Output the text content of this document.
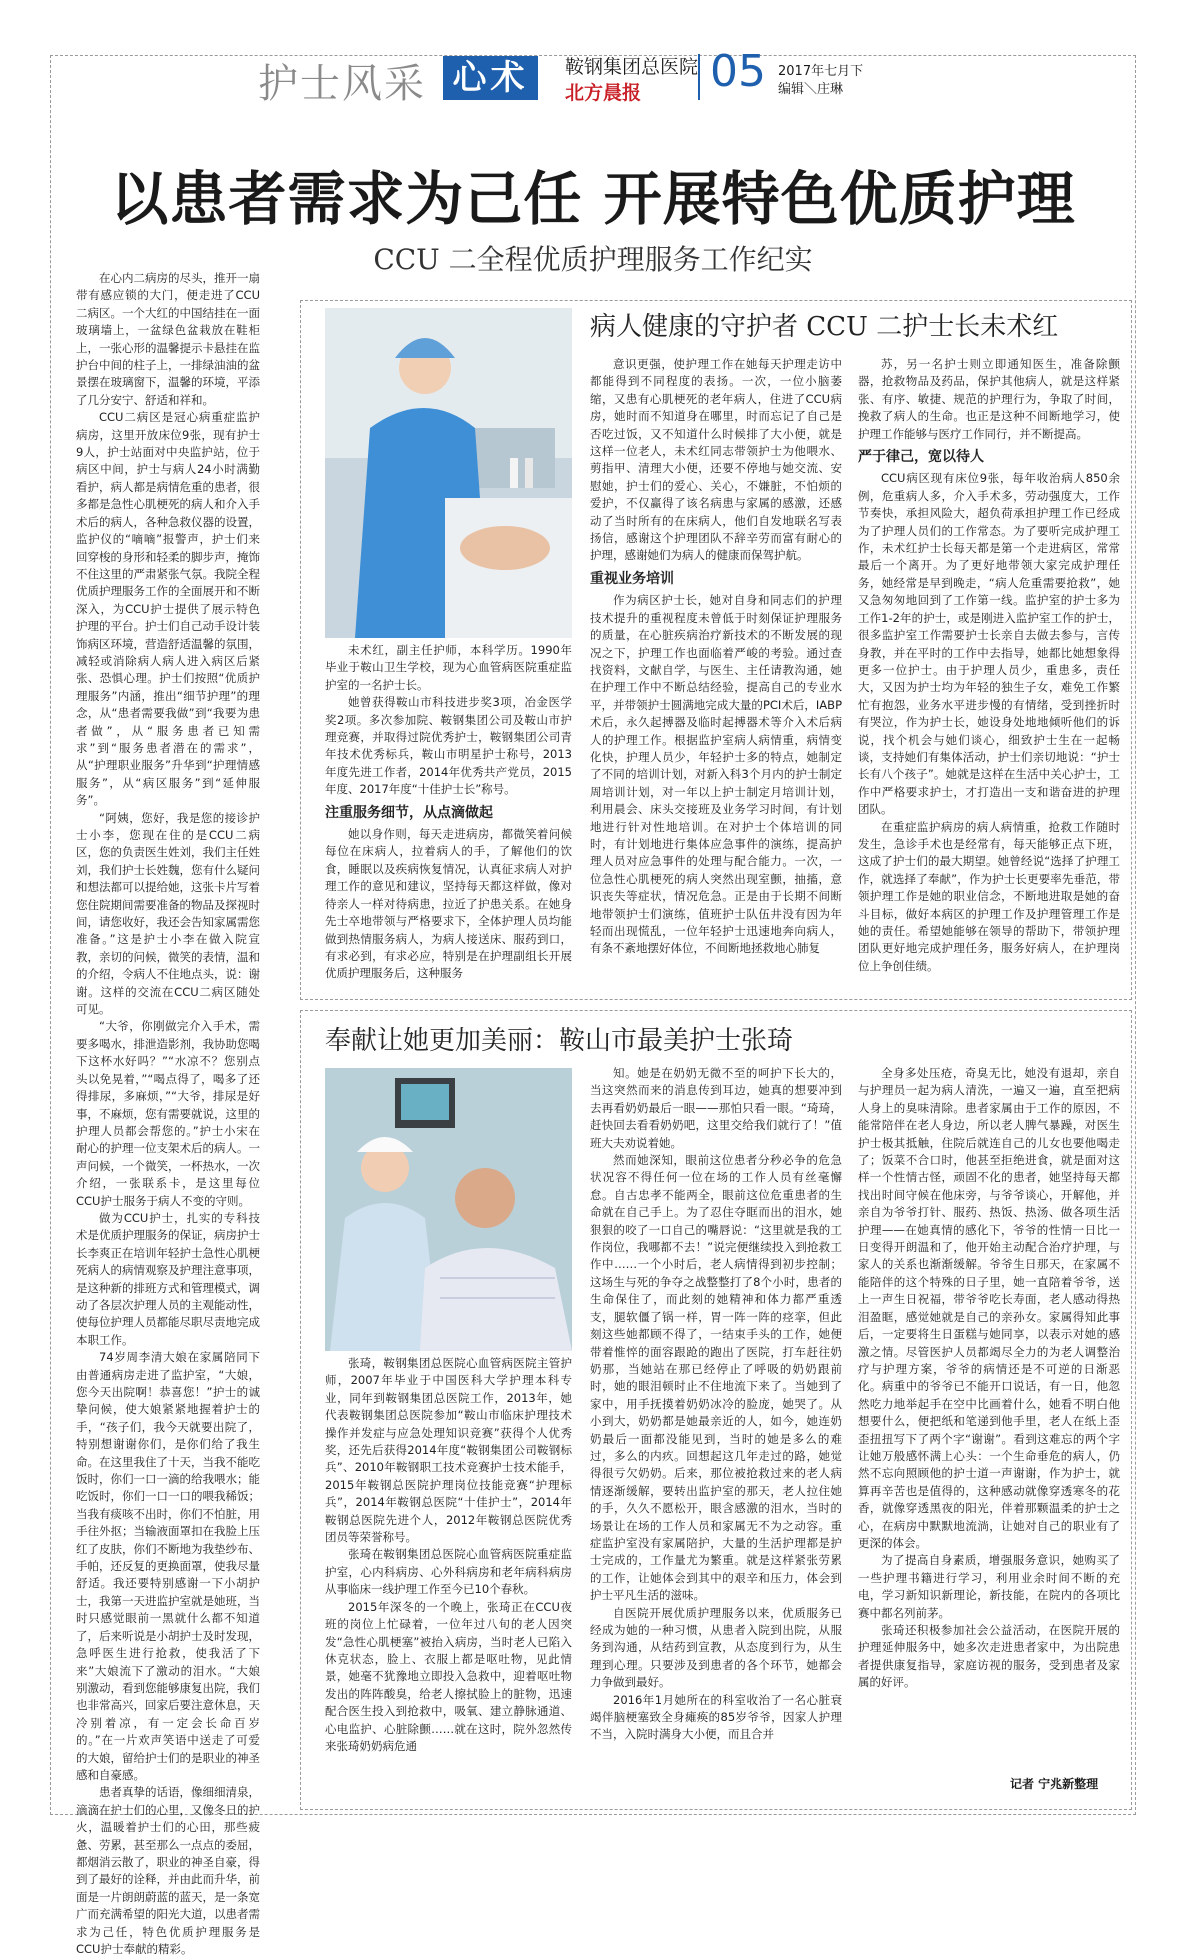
护士风采 心术	鞍钢集团总医院
北方晨报 05 2017年七月下
编辑＼庄琳
以患者需求为己任 开展特色优质护理
CCU 二全程优质护理服务工作纪实

在心内二病房的尽头，推开一扇带有感应锁的大门，便走进了CCU二病区。一个大红的中国结挂在一面玻璃墙上，一盆绿色盆栽放在鞋柜上，一张心形的温馨提示卡悬挂在监护台中间的柱子上，一排绿油油的盆景摆在玻璃窗下，温馨的环境，平添了几分安宁、舒适和祥和。

CCU二病区是冠心病重症监护病房，这里开放床位9张，现有护士9人，护士站面对中央监护站，位于病区中间，护士与病人24小时满勤看护，病人都是病情危重的患者，很多都是急性心肌梗死的病人和介入手术后的病人，各种急救仪器的设置，监护仪的“嘀嘀”报警声，护士们来回穿梭的身形和轻柔的脚步声，掩饰不住这里的严肃紧张气氛。我院全程优质护理服务工作的全面展开和不断深入，为CCU护士提供了展示特色护理的平台。护士们自己动手设计装饰病区环境，营造舒适温馨的氛围，减轻或消除病人病人进入病区后紧张、恐惧心理。护士们按照“优质护理服务”内涵，推出“细节护理”的理念，从“患者需要我做”到“我要为患者做”，从“服务患者已知需求”到“服务患者潜在的需求”，从“护理职业服务”升华到“护理情感服务”，从“病区服务”到“延伸服务”。

“阿姨，您好，我是您的接诊护士小李，您现在住的是CCU二病区，您的负责医生姓刘，我们主任姓刘，我们护士长姓魏，您有什么疑问和想法都可以提给她，这张卡片写着您住院期间需要准备的物品及探视时间，请您收好，我还会告知家属需您准备。”这是护士小李在做入院宣教，亲切的问候，微笑的表情，温和的介绍，令病人不住地点头，说：谢谢。这样的交流在CCU二病区随处可见。

“大爷，你刚做完介入手术，需要多喝水，排泄造影剂，我协助您喝下这杯水好吗？”“水凉不？您别点头以免晃着，”“喝点得了，喝多了还得排尿，多麻烦，”“大爷，排尿是好事，不麻烦，您有需要就说，这里的护理人员都会帮您的。”护士小宋在耐心的护理一位支架术后的病人。一声问候，一个微笑，一杯热水，一次介绍，一张联系卡，是这里每位CCU护士服务于病人不变的守则。

做为CCU护士，扎实的专科技术是优质护理服务的保证，病房护士长李爽正在培训年轻护士急性心肌梗死病人的病情观察及护理注意事项，是这种新的排班方式和管理模式，调动了各层次护理人员的主观能动性，使每位护理人员都能尽职尽责地完成本职工作。

74岁周李清大娘在家属陪同下由普通病房走进了监护室，“大娘，您今天出院啊！恭喜您！”护士的诚挚问候，使大娘紧紧地握着护士的手，“孩子们，我今天就要出院了，特别想谢谢你们，是你们给了我生命。在这里我住了十天，当我不能吃饭时，你们一口一滴的给我喂水；能吃饭时，你们一口一口的喂我稀饭；当我有痰咳不出时，你们不怕脏，用手往外抠；当输液面罩扣在我脸上压红了皮肤，你们不断地为我垫纱布、手帕，还反复的更换面罩，使我尽量舒适。我还要特别感谢一下小胡护士，我第一天进监护室就是她班，当时只感觉眼前一黑就什么都不知道了，后来听说是小胡护士及时发现，急呼医生进行抢救，使我活了下来”大娘流下了激动的泪水。“大娘别激动，看到您能够康复出院，我们也非常高兴，回家后要注意休息，天冷别着凉，有一定会长命百岁的。”在一片欢声笑语中送走了可爱的大娘，留给护士们的是职业的神圣感和自豪感。

患者真挚的话语，像细细清泉，滴滴在护士们的心里，又像冬日的护火，温暖着护士们的心田，那些疲惫、劳累，甚至那么一点点的委屈，都烟消云散了，职业的神圣自豪，得到了最好的诠释，并由此而升华，前面是一片朗朗蔚蓝的蓝天，是一条宽广而充满希望的阳光大道，以患者需求为己任，特色优质护理服务是CCU护士奉献的精彩。

病人健康的守护者 CCU 二护士长未术红

未术红，副主任护师，本科学历。1990年毕业于鞍山卫生学校，现为心血管病医院重症监护室的一名护士长。

她曾获得鞍山市科技进步奖3项，冶金医学奖2项。多次参加院、鞍钢集团公司及鞍山市护理竞赛，并取得过院优秀护士，鞍钢集团公司青年技术优秀标兵，鞍山市明星护士称号，2013年度先进工作者，2014年优秀共产党员，2015年度、2017年度“十佳护士长”称号。

注重服务细节，从点滴做起

她以身作则，每天走进病房，都微笑着问候每位在床病人，拉着病人的手，了解他们的饮食，睡眠以及疾病恢复情况，认真征求病人对护理工作的意见和建议，坚持每天都这样做，像对待亲人一样对待病患，拉近了护患关系。在她身先士卒地带领与严格要求下，全体护理人员均能做到热情服务病人，为病人接送床、服药到口，有求必到，有求必应，特别是在护理副组长开展优质护理服务后，这种服务

意识更强，使护理工作在她每天护理走访中都能得到不同程度的表扬。一次，一位小脑萎缩，又患有心肌梗死的老年病人，住进了CCU病房，她时而不知道身在哪里，时而忘记了自己是否吃过饭，又不知道什么时候排了大小便，就是这样一位老人，未术红同志带领护士为他喂水、剪指甲、清理大小便，还要不停地与她交流、安慰她，护士们的爱心、关心，不嫌脏，不怕烦的爱护，不仅赢得了该名病患与家属的感激，还感动了当时所有的在床病人，他们自发地联名写表扬信，感谢这个护理团队不辞辛劳而富有耐心的护理，感谢她们为病人的健康而保驾护航。

重视业务培训

作为病区护士长，她对自身和同志们的护理技术提升的重视程度未曾低于时刻保证护理服务的质量，在心脏疾病治疗新技术的不断发展的现况之下，护理工作也面临着严峻的考验。通过查找资料，文献自学，与医生、主任请教沟通，她在护理工作中不断总结经验，提高自己的专业水平，并带领护士圆满地完成大量的PCI术后，IABP术后，永久起搏器及临时起搏器术等介入术后病人的护理工作。根据监护室病人病情重，病情变化快，护理人员少，年轻护士多的特点，她制定了不同的培训计划，对新入科3个月内的护士制定周培训计划，对一年以上护士制定月培训计划，利用晨会、床头交接班及业务学习时间，有计划地进行针对性地培训。在对护士个体培训的同时，有计划地进行集体应急事件的演练，提高护理人员对应急事件的处理与配合能力。一次，一位急性心肌梗死的病人突然出现室颤，抽搐，意识丧失等症状，情况危急。正是由于长期不间断地带领护士们演练，值班护士队伍井没有因为年轻而出现慌乱，一位年轻护士迅速地奔向病人，有条不紊地摆好体位，不间断地拯救地心肺复

苏，另一名护士则立即通知医生，准备除颤器，抢救物品及药品，保护其他病人，就是这样紧张、有序、敏捷、规范的护理行为，争取了时间，挽救了病人的生命。也正是这种不间断地学习，使护理工作能够与医疗工作同行，并不断提高。

严于律己，宽以待人

CCU病区现有床位9张，每年收治病人850余例，危重病人多，介入手术多，劳动强度大，工作节奏快，承担风险大，超负荷承担护理工作已经成为了护理人员们的工作常态。为了要听完成护理工作，未术红护士长每天都是第一个走进病区，常常最后一个离开。为了更好地带领大家完成护理任务，她经常是早到晚走，“病人危重需要抢救”，她又急匆匆地回到了工作第一线。监护室的护士多为工作1-2年的护士，或是刚进入监护室工作的护士，很多监护室工作需要护士长亲自去做去参与，言传身教，并在平时的工作中去指导，她都比她想象得更多一位护士。由于护理人员少，重患多，责任大，又因为护士均为年轻的独生子女，难免工作繁忙有抱怨，业务水平进步慢的有情绪，受到挫折时有哭泣，作为护士长，她设身处地地倾听他们的诉说，找个机会与她们谈心，细致护士生在一起畅谈，支持她们有集体活动，护士们亲切地说：“护士长有八个孩子”。她就是这样在生活中关心护士，工作中严格要求护士，才打造出一支和谐奋进的护理团队。

在重症监护病房的病人病情重，抢救工作随时发生，急诊手术也是经常有，每天能够正点下班，这成了护士们的最大期望。她曾经说“选择了护理工作，就选择了奉献”，作为护士长更要率先垂范，带领护理工作是她的职业信念，不断地进取是她的奋斗目标，做好本病区的护理工作及护理管理工作是她的责任。希望她能够在领导的帮助下，带领护理团队更好地完成护理任务，服务好病人，在护理岗位上争创佳绩。

奉献让她更加美丽：鞍山市最美护士张琦

张琦，鞍钢集团总医院心血管病医院主管护师，2007年毕业于中国医科大学护理本科专业，同年到鞍钢集团总医院工作，2013年，她代表鞍钢集团总医院参加“鞍山市临床护理技术操作并发症与应急处理知识竞赛”获得个人优秀奖，还先后获得2014年度“鞍钢集团公司鞍钢标兵”、2010年鞍钢职工技术竞赛护士技术能手，2015年鞍钢总医院护理岗位技能竞赛“护理标兵”，2014年鞍钢总医院“十佳护士”，2014年鞍钢总医院先进个人，2012年鞍钢总医院优秀团员等荣誉称号。

张琦在鞍钢集团总医院心血管病医院重症监护室，心内科病房、心外科病房和老年病科病房从事临床一线护理工作至今已10个春秋。

2015年深冬的一个晚上，张琦正在CCU夜班的岗位上忙碌着，一位年过八旬的老人因突发“急性心肌梗塞”被抬入病房，当时老人已陷入休克状态，脸上、衣服上都是呕吐物，见此情景，她毫不犹豫地立即投入急救中，迎着呕吐物发出的阵阵酸臭，给老人擦拭脸上的脏物，迅速配合医生投入到抢救中，吸氧、建立静脉通道、心电监护、心脏除颤……就在这时，院外忽然传来张琦奶奶病危通

知。她是在奶奶无微不至的呵护下长大的，当这突然而来的消息传到耳边，她真的想要冲到去再看奶奶最后一眼——那怕只看一眼。“琦琦，赶快回去看看奶奶吧，这里交给我们就行了！”值班大夫劝说着她。

然而她深知，眼前这位患者分秒必争的危急状况容不得任何一位在场的工作人员有丝毫懈怠。自古忠孝不能两全，眼前这位危重患者的生命就在自己手上。为了忍住夺眶而出的泪水，她狠狠的咬了一口自己的嘴唇说：“这里就是我的工作岗位，我哪都不去！”说完便继续投入到抢救工作中……一个小时后，老人病情得到初步控制；这场生与死的争夺之战整整打了8个小时，患者的生命保住了，而此刻的她精神和体力都严重透支，腿软僵了锅一样，胃一阵一阵的痉挛，但此刻这些她都顾不得了，一结束手头的工作，她便带着惟悴的面容跟跄的跑出了医院，打车赶往奶奶那，当她站在那已经停止了呼吸的奶奶跟前时，她的眼泪顿时止不住地流下来了。当她到了家中，用手抚摸着奶奶冰冷的脸庞，她哭了。从小到大，奶奶都是她最亲近的人，如今，她连奶奶最后一面都没能见到，当时的她是多么的难过，多么的内疚。回想起这几年走过的路，她觉得很亏欠奶奶。后来，那位被抢救过来的老人病情逐渐缓解，要转出监护室的那天，老人拉住她的手，久久不愿松开，眼含感激的泪水，当时的场景让在场的工作人员和家属无不为之动容。重症监护室没有家属陪护，大量的生活护理都是护士完成的，工作量尤为繁重。就是这样紧张劳累的工作，让她体会到其中的艰辛和压力，体会到护士平凡生活的滋味。

自医院开展优质护理服务以来，优质服务已经成为她的一种习惯，从患者入院到出院，从服务到沟通，从结药到宣教，从态度到行为，从生理到心理。只要涉及到患者的各个环节，她都会力争做到最好。

2016年1月她所在的科室收治了一名心脏衰竭伴脑梗塞致全身瘫痪的85岁爷爷，因家人护理不当，入院时满身大小便，而且合并

全身多处压疮，奇臭无比，她没有退却，亲自与护理员一起为病人清洗，一遍又一遍，直至把病人身上的臭味清除。患者家属由于工作的原因，不能常陪伴在老人身边，所以老人脾气暴躁，对医生护士极其抵触，住院后就连自己的儿女也要他喝走了；饭菜不合口时，他甚至拒绝进食，就是面对这样一个性情古怪，顽固不化的患者，她坚持每天都找出时间守候在他床旁，与爷爷谈心，开解他，并亲自为爷爷打针、服药、热饭、热汤、做各项生活护理——在她真情的感化下，爷爷的性情一日比一日变得开朗温和了，他开始主动配合治疗护理，与家人的关系也渐渐缓解。爷爷生日那天，在家属不能陪伴的这个特殊的日子里，她一直陪着爷爷，送上一声生日祝福，带爷爷吃长寿面，老人感动得热泪盈眶，感觉她就是自己的亲孙女。家属得知此事后，一定要将生日蛋糕与她同享，以表示对她的感激之情。尽管医护人员都竭尽全力的为老人调整治疗与护理方案，爷爷的病情还是不可逆的日渐恶化。病重中的爷爷已不能开口说话，有一日，他忽然吃力地举起手在空中比画着什么，她看不明白他想要什么，便把纸和笔递到他手里，老人在纸上歪歪扭扭写下了两个字“谢谢”。看到这难忘的两个字让她万般感怀满上心头：一个生命垂危的病人，仍然不忘向照顾他的护士道一声谢谢，作为护士，就算再辛苦也是值得的，这种感动就像穿透寒冬的花香，就像穿透黑夜的阳光，伴着那颗温柔的护士之心，在病房中默默地流淌，让她对自己的职业有了更深的体会。

为了提高自身素质，增强服务意识，她购买了一些护理书籍进行学习，利用业余时间不断的充电，学习新知识新理论，新技能，在院内的各项比赛中都名列前茅。

张琦还积极参加社会公益活动，在医院开展的护理延伸服务中，她多次走进患者家中，为出院患者提供康复指导，家庭访视的服务，受到患者及家属的好评。

记者 宁兆新整理
